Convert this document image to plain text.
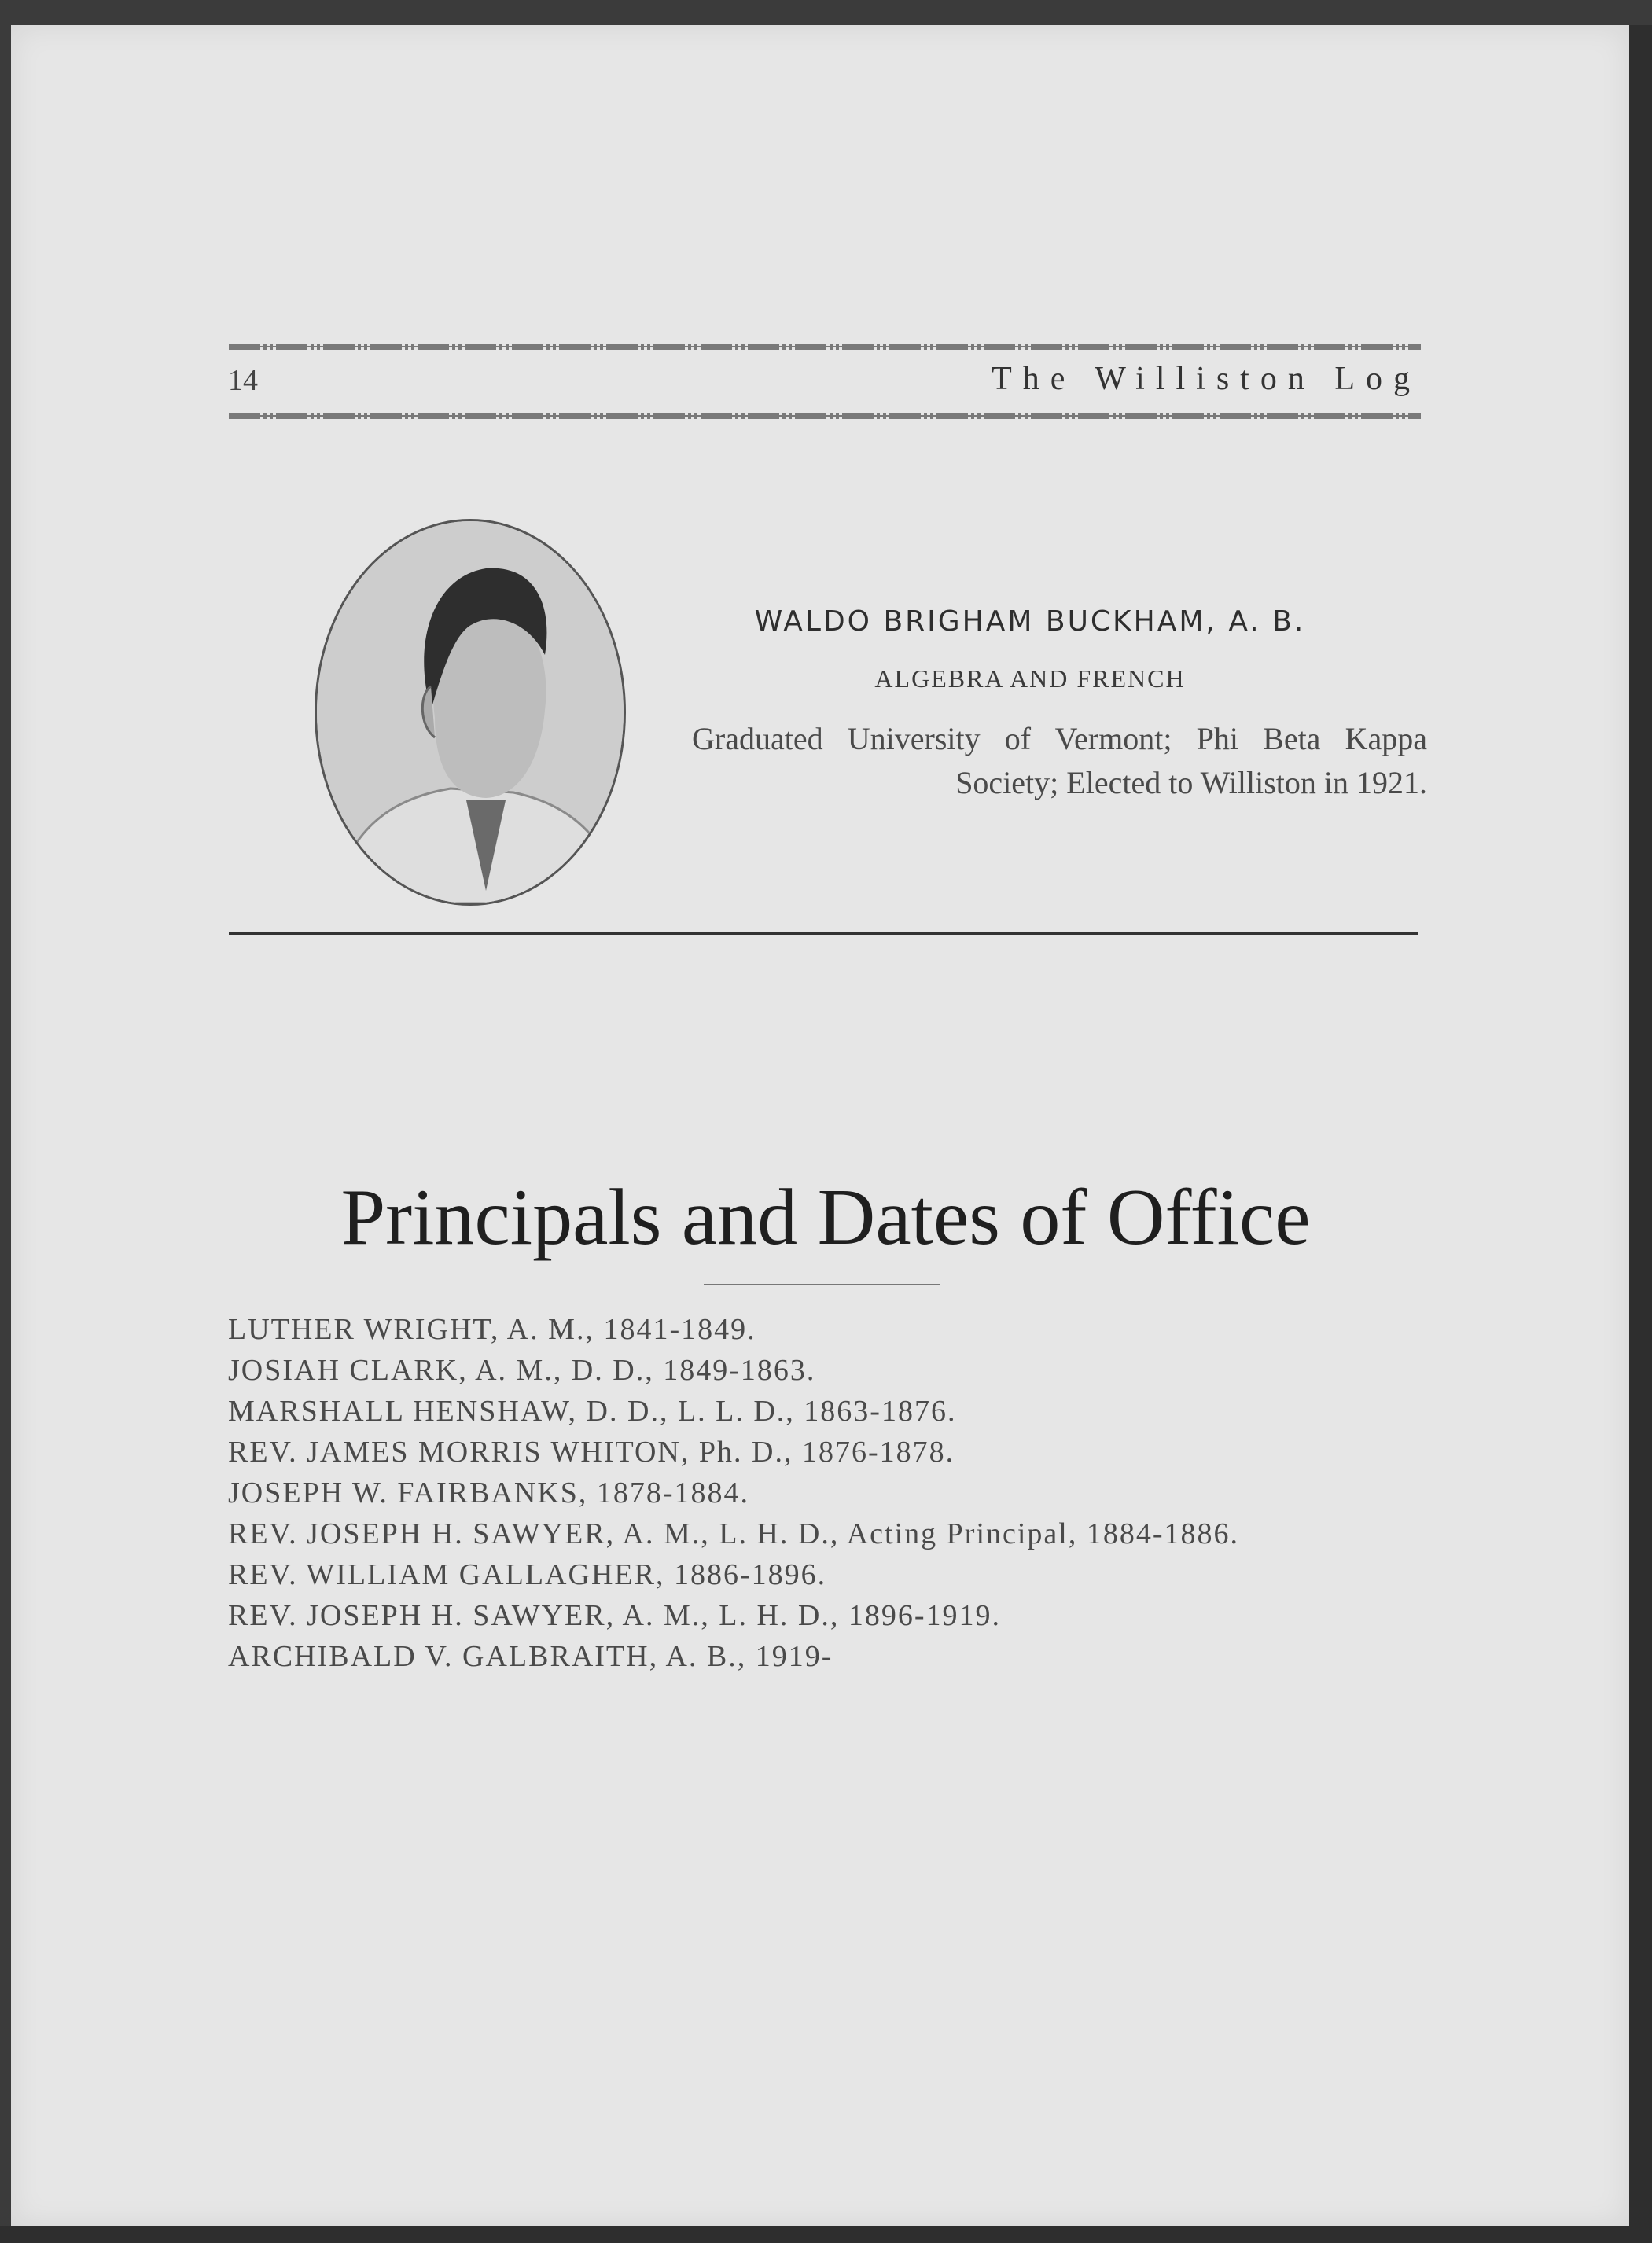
14	The Williston Log
WALDO BRIGHAM BUCKHAM, A. B.
ALGEBRA AND FRENCH
Graduated University of Vermont; Phi Beta Kappa Society; Elected to Williston in 1921.
Principals and Dates of Office
LUTHER WRIGHT, A. M., 1841-1849.
JOSIAH CLARK, A. M., D. D., 1849-1863.
MARSHALL HENSHAW, D. D., L. L. D., 1863-1876.
REV. JAMES MORRIS WHITON, Ph. D., 1876-1878.
JOSEPH W. FAIRBANKS, 1878-1884.
REV. JOSEPH H. SAWYER, A. M., L. H. D., Acting Principal, 1884-1886.
REV. WILLIAM GALLAGHER, 1886-1896.
REV. JOSEPH H. SAWYER, A. M., L. H. D., 1896-1919.
ARCHIBALD V. GALBRAITH, A. B., 1919-
